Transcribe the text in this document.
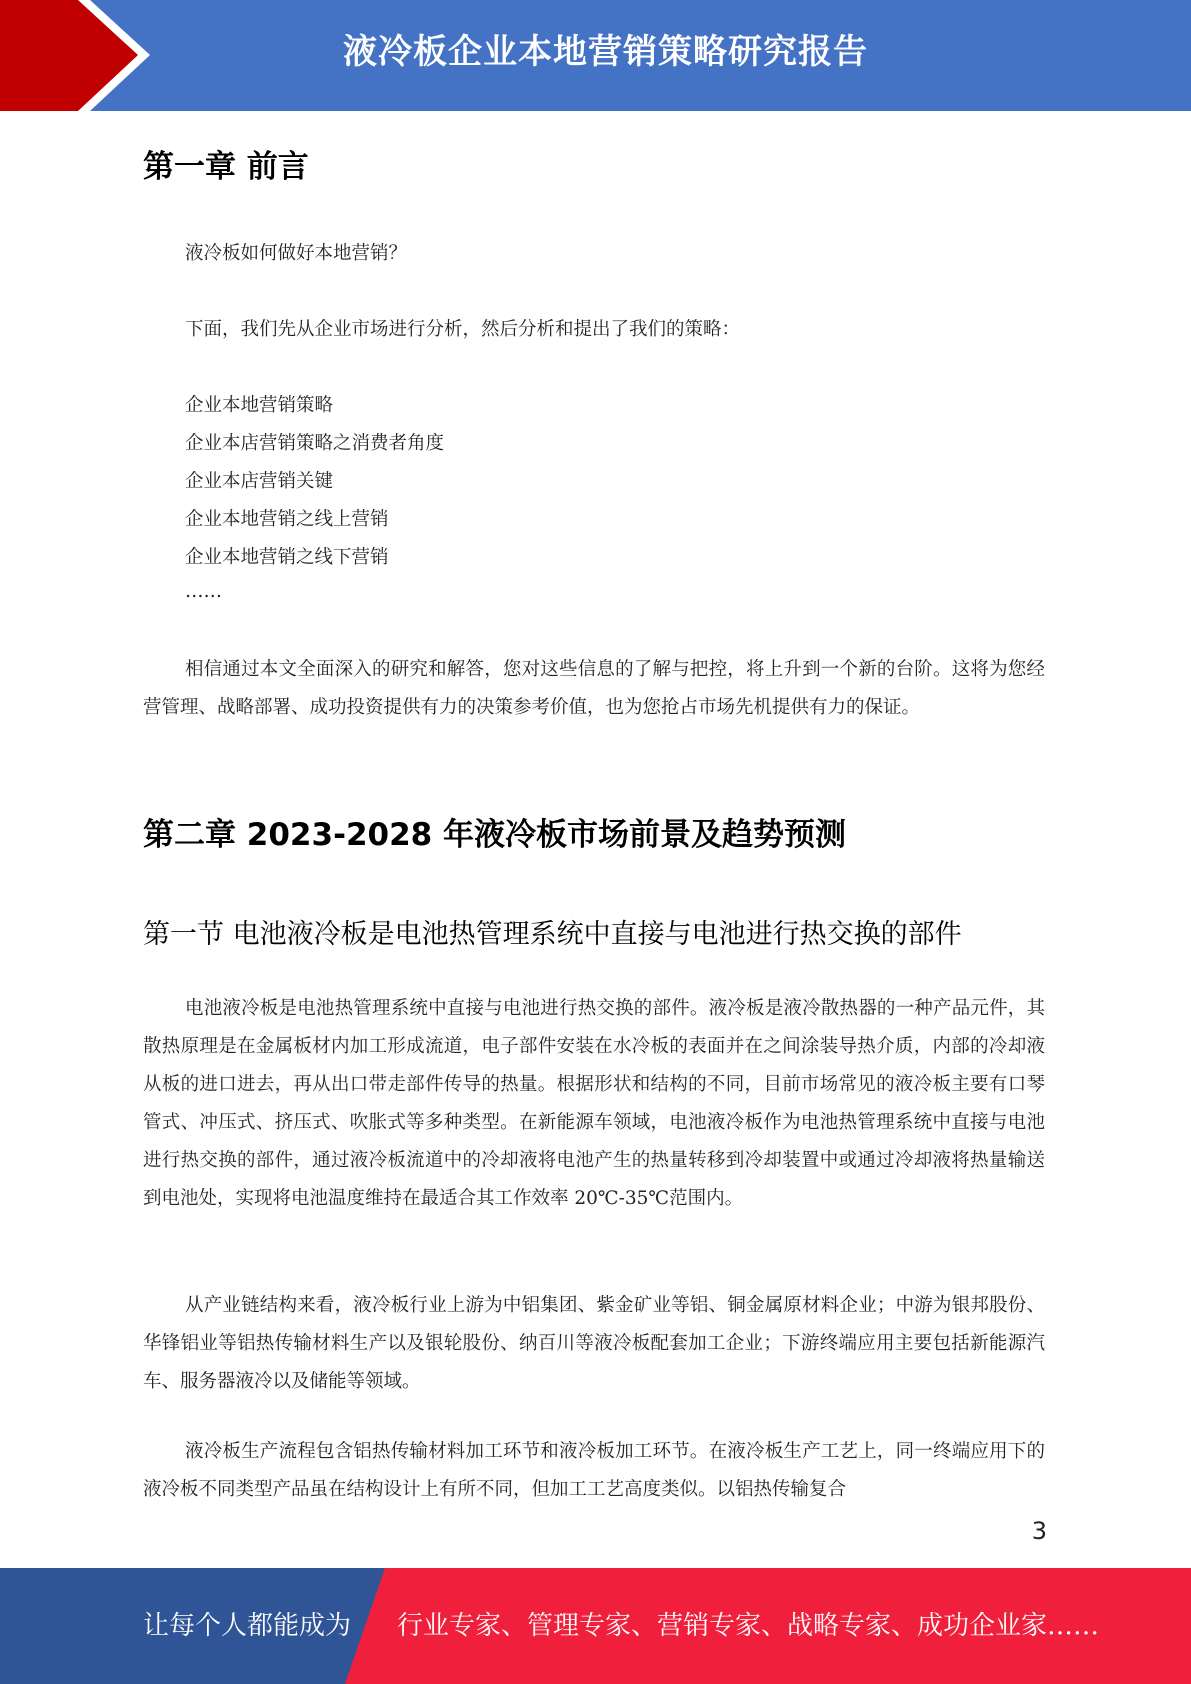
液冷板企业本地营销策略研究报告
第一章 前言

液冷板如何做好本地营销？

下面，我们先从企业市场进行分析，然后分析和提出了我们的策略：

企业本地营销策略

企业本店营销策略之消费者角度

企业本店营销关键

企业本地营销之线上营销

企业本地营销之线下营销

……

相信通过本文全面深入的研究和解答，您对这些信息的了解与把控，将上升到一个新的台阶。这将为您经营管理、战略部署、成功投资提供有力的决策参考价值，也为您抢占市场先机提供有力的保证。

第二章 2023-2028 年液冷板市场前景及趋势预测
第一节 电池液冷板是电池热管理系统中直接与电池进行热交换的部件

电池液冷板是电池热管理系统中直接与电池进行热交换的部件。液冷板是液冷散热器的一种产品元件，其散热原理是在金属板材内加工形成流道，电子部件安装在水冷板的表面并在之间涂装导热介质，内部的冷却液从板的进口进去，再从出口带走部件传导的热量。根据形状和结构的不同，目前市场常见的液冷板主要有口琴管式、冲压式、挤压式、吹胀式等多种类型。在新能源车领域，电池液冷板作为电池热管理系统中直接与电池进行热交换的部件，通过液冷板流道中的冷却液将电池产生的热量转移到冷却装置中或通过冷却液将热量输送到电池处，实现将电池温度维持在最适合其工作效率 20℃-35℃范围内。

从产业链结构来看，液冷板行业上游为中铝集团、紫金矿业等铝、铜金属原材料企业；中游为银邦股份、华锋铝业等铝热传输材料生产以及银轮股份、纳百川等液冷板配套加工企业；下游终端应用主要包括新能源汽车、服务器液冷以及储能等领域。

液冷板生产流程包含铝热传输材料加工环节和液冷板加工环节。在液冷板生产工艺上，同一终端应用下的液冷板不同类型产品虽在结构设计上有所不同，但加工工艺高度类似。以铝热传输复合

3
让每个人都能成为 行业专家、管理专家、营销专家、战略专家、成功企业家……
